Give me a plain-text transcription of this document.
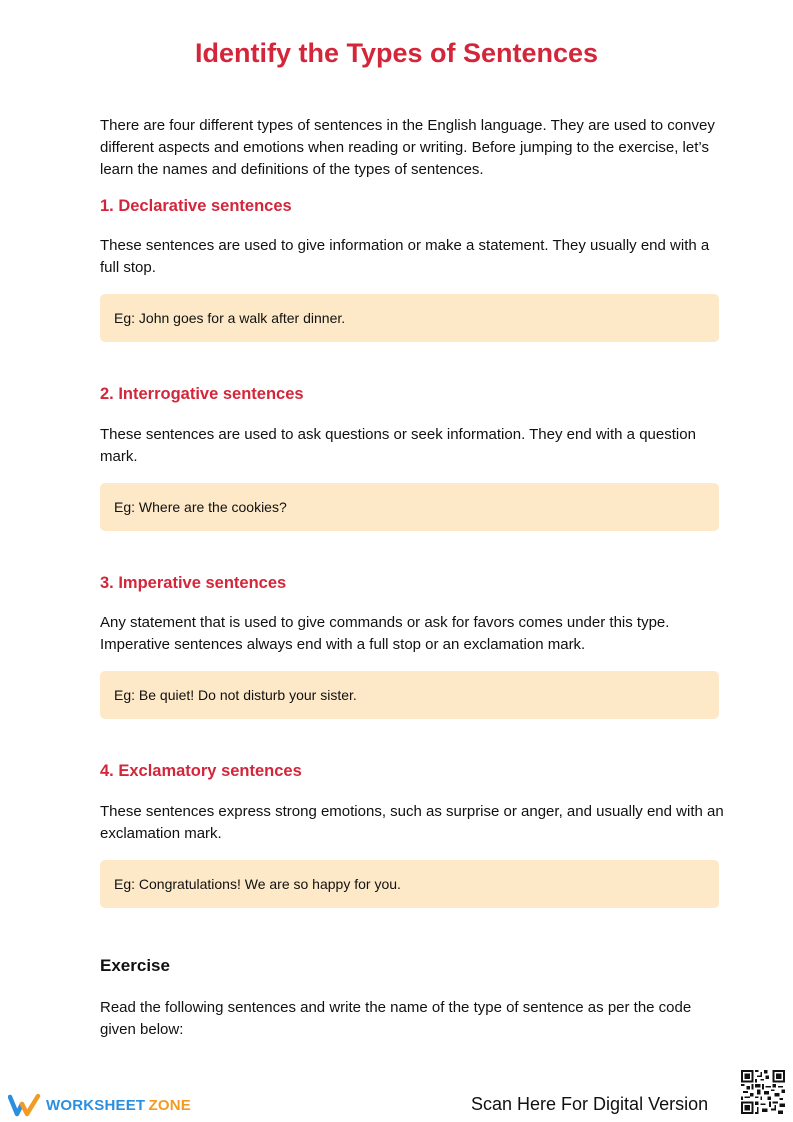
Identify the Types of Sentences

There are four different types of sentences in the English language. They are used to convey different aspects and emotions when reading or writing. Before jumping to the exercise, let’s learn the names and definitions of the types of sentences.

1. Declarative sentences

These sentences are used to give information or make a statement. They usually end with a full stop.

Eg: John goes for a walk after dinner.
2. Interrogative sentences

These sentences are used to ask questions or seek information. They end with a question mark.

Eg: Where are the cookies?
3. Imperative sentences

Any statement that is used to give commands or ask for favors comes under this type. Imperative sentences always end with a full stop or an exclamation mark.

Eg: Be quiet! Do not disturb your sister.
4. Exclamatory sentences

These sentences express strong emotions, such as surprise or anger, and usually end with an exclamation mark.

Eg: Congratulations! We are so happy for you.
Exercise

Read the following sentences and write the name of the type of sentence as per the code given below:

WORKSHEET  ZONE	Scan Here For Digital Version
